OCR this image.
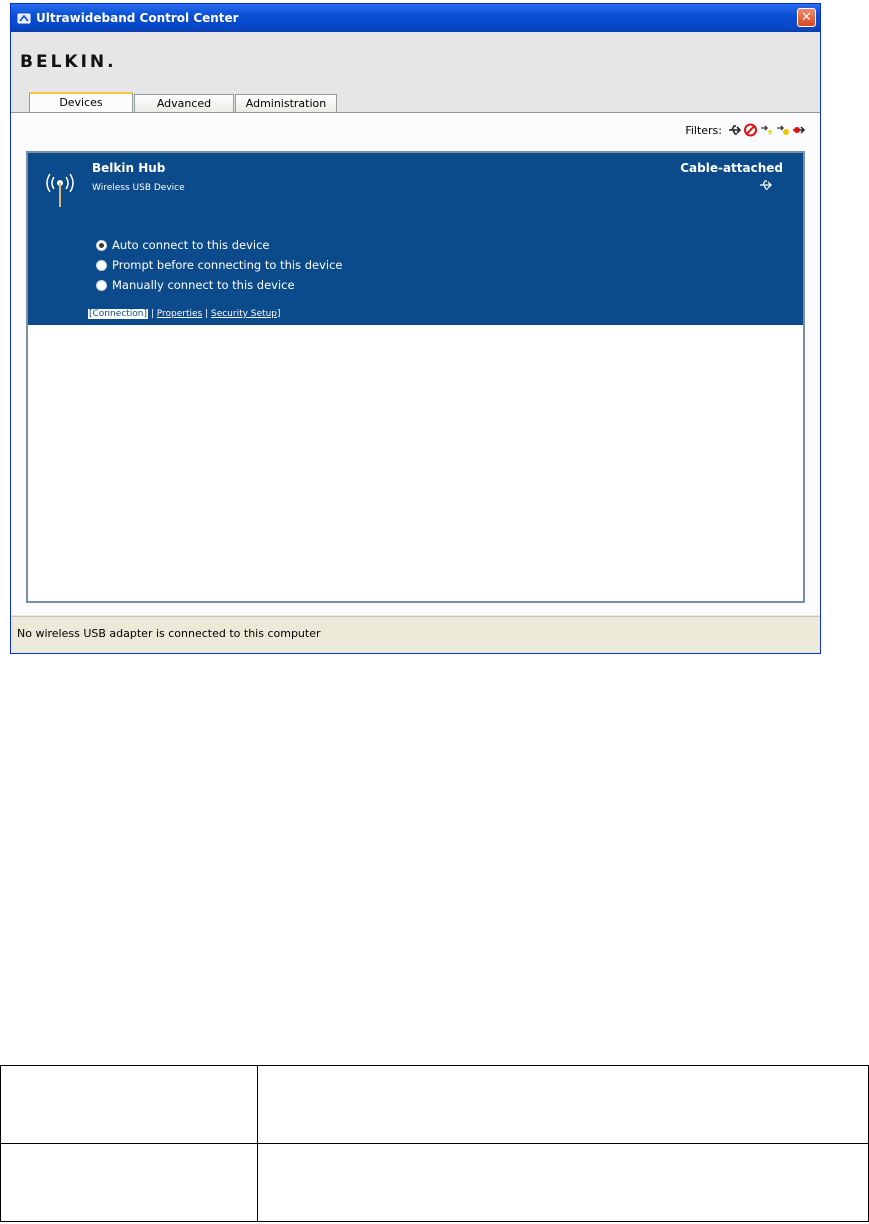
Ultrawideband Control Center	✕
BELKIN.
Devices	Advanced	Administration
Filters:
Belkin Hub
Wireless USB Device
Cable-attached
Auto connect to this device
Prompt before connecting to this device
Manually connect to this device
[Connection] | Properties | Security Setup]
No wireless USB adapter is connected to this computer
